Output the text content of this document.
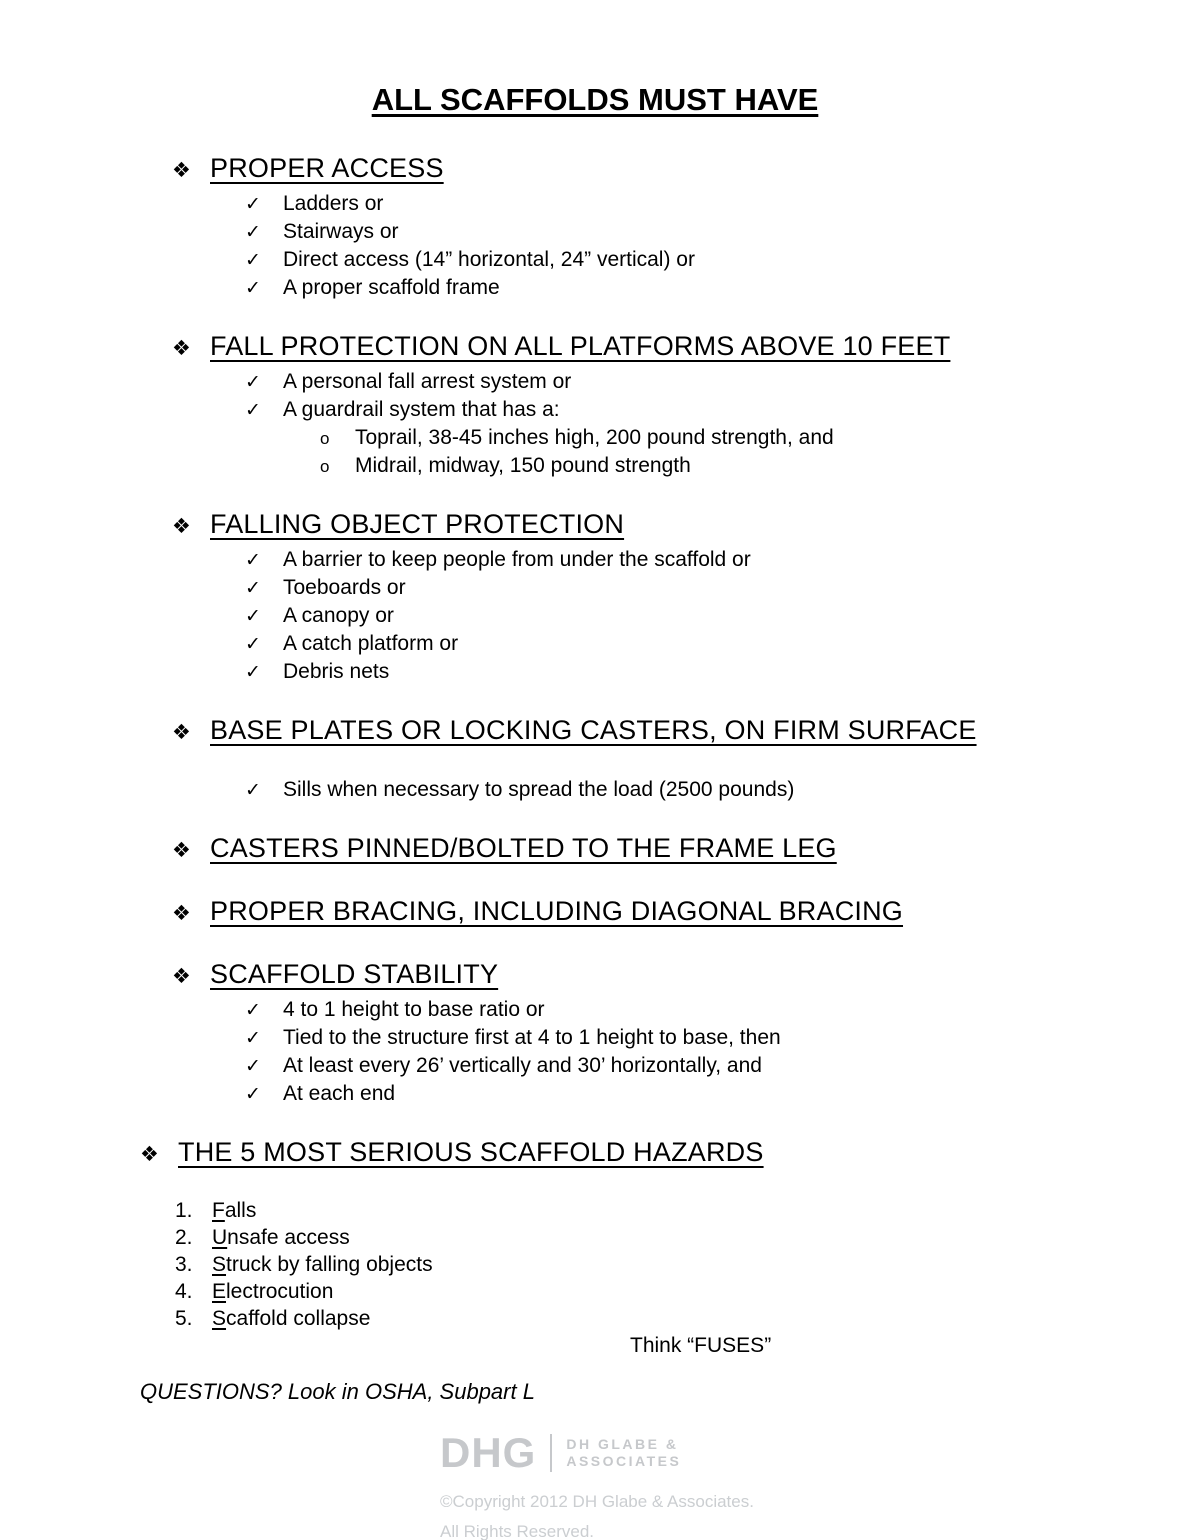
ALL SCAFFOLDS MUST HAVE
❖ PROPER ACCESS
✓	Ladders or
✓	Stairways or
✓	Direct access (14” horizontal, 24” vertical) or
✓	A proper scaffold frame
❖ FALL PROTECTION ON ALL PLATFORMS ABOVE 10 FEET
✓	A personal fall arrest system or
✓	A guardrail system that has a:
o	Toprail, 38-45 inches high, 200 pound strength, and
o	Midrail, midway, 150 pound strength
❖ FALLING OBJECT PROTECTION
✓	A barrier to keep people from under the scaffold or
✓	Toeboards or
✓	A canopy or
✓	A catch platform or
✓	Debris nets
❖ BASE PLATES OR LOCKING CASTERS, ON FIRM SURFACE
✓	Sills when necessary to spread the load (2500 pounds)
❖ CASTERS PINNED/BOLTED TO THE FRAME LEG
❖ PROPER BRACING, INCLUDING DIAGONAL BRACING
❖ SCAFFOLD STABILITY
✓	4 to 1 height to base ratio or
✓	Tied to the structure first at 4 to 1 height to base, then
✓	At least every 26’ vertically and 30’ horizontally, and
✓	At each end
❖ THE 5 MOST SERIOUS SCAFFOLD HAZARDS
1. Falls
2. Unsafe access
3. Struck by falling objects
4. Electrocution
5. Scaffold collapse
Think “FUSES”
QUESTIONS? Look in OSHA, Subpart L
DHG DH GLABE &
ASSOCIATES
©Copyright 2012 DH Glabe & Associates.
All Rights Reserved.
